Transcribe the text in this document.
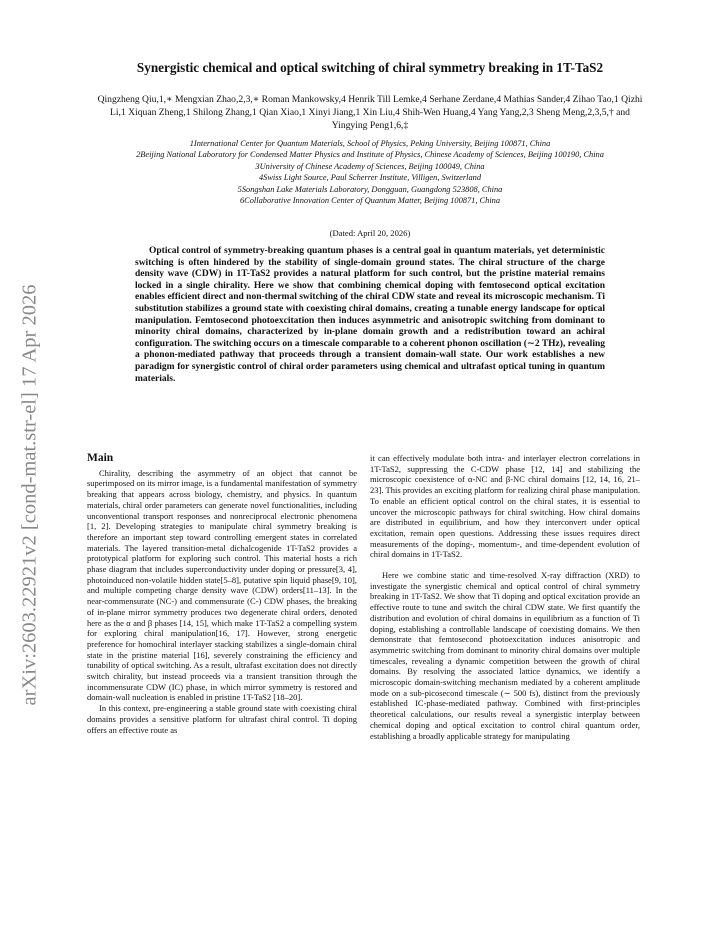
arXiv:2603.22921v2 [cond-mat.str-el] 17 Apr 2026
Synergistic chemical and optical switching of chiral symmetry breaking in 1T-TaS2
Qingzheng Qiu,1,∗ Mengxian Zhao,2,3,∗ Roman Mankowsky,4 Henrik Till Lemke,4 Serhane Zerdane,4 Mathias Sander,4 Zihao Tao,1 Qizhi Li,1 Xiquan Zheng,1 Shilong Zhang,1 Qian Xiao,1 Xinyi Jiang,1 Xin Liu,4 Shih-Wen Huang,4 Yang Yang,2,3 Sheng Meng,2,3,5,† and Yingying Peng1,6,‡
1International Center for Quantum Materials, School of Physics, Peking University, Beijing 100871, China
2Beijing National Laboratory for Condensed Matter Physics and Institute of Physics, Chinese Academy of Sciences, Beijing 100190, China
3University of Chinese Academy of Sciences, Beijing 100049, China
4Swiss Light Source, Paul Scherrer Institute, Villigen, Switzerland
5Songshan Lake Materials Laboratory, Dongguan, Guangdong 523808, China
6Collaborative Innovation Center of Quantum Matter, Beijing 100871, China
(Dated: April 20, 2026)
Optical control of symmetry-breaking quantum phases is a central goal in quantum materials, yet deterministic switching is often hindered by the stability of single-domain ground states. The chiral structure of the charge density wave (CDW) in 1T-TaS2 provides a natural platform for such control, but the pristine material remains locked in a single chirality. Here we show that combining chemical doping with femtosecond optical excitation enables efficient direct and non-thermal switching of the chiral CDW state and reveal its microscopic mechanism. Ti substitution stabilizes a ground state with coexisting chiral domains, creating a tunable energy landscape for optical manipulation. Femtosecond photoexcitation then induces asymmetric and anisotropic switching from dominant to minority chiral domains, characterized by in-plane domain growth and a redistribution toward an achiral configuration. The switching occurs on a timescale comparable to a coherent phonon oscillation (∼2 THz), revealing a phonon-mediated pathway that proceeds through a transient domain-wall state. Our work establishes a new paradigm for synergistic control of chiral order parameters using chemical and ultrafast optical tuning in quantum materials.
Main

Chirality, describing the asymmetry of an object that cannot be superimposed on its mirror image, is a fundamental manifestation of symmetry breaking that appears across biology, chemistry, and physics. In quantum materials, chiral order parameters can generate novel functionalities, including unconventional transport responses and nonreciprocal electronic phenomena [1, 2]. Developing strategies to manipulate chiral symmetry breaking is therefore an important step toward controlling emergent states in correlated materials. The layered transition-metal dichalcogenide 1T-TaS2 provides a prototypical platform for exploring such control. This material hosts a rich phase diagram that includes superconductivity under doping or pressure[3, 4], photoinduced non-volatile hidden state[5–8], putative spin liquid phase[9, 10], and multiple competing charge density wave (CDW) orders[11–13]. In the near-commensurate (NC-) and commensurate (C-) CDW phases, the breaking of in-plane mirror symmetry produces two degenerate chiral orders, denoted here as the α and β phases [14, 15], which make 1T-TaS2 a compelling system for exploring chiral manipulation[16, 17]. However, strong energetic preference for homochiral interlayer stacking stabilizes a single-domain chiral state in the pristine material [16], severely constraining the efficiency and tunability of optical switching. As a result, ultrafast excitation does not directly switch chirality, but instead proceeds via a transient transition through the incommensurate CDW (IC) phase, in which mirror symmetry is restored and domain-wall nucleation is enabled in pristine 1T-TaS2 [18–20].

In this context, pre-engineering a stable ground state with coexisting chiral domains provides a sensitive platform for ultrafast chiral control. Ti doping offers an effective route as

it can effectively modulate both intra- and interlayer electron correlations in 1T-TaS2, suppressing the C-CDW phase [12, 14] and stabilizing the microscopic coexistence of α-NC and β-NC chiral domains [12, 14, 16, 21–23]. This provides an exciting platform for realizing chiral phase manipulation. To enable an efficient optical control on the chiral states, it is essential to uncover the microscopic pathways for chiral switching. How chiral domains are distributed in equilibrium, and how they interconvert under optical excitation, remain open questions. Addressing these issues requires direct measurements of the doping-, momentum-, and time-dependent evolution of chiral domains in 1T-TaS2.

Here we combine static and time-resolved X-ray diffraction (XRD) to investigate the synergistic chemical and optical control of chiral symmetry breaking in 1T-TaS2. We show that Ti doping and optical excitation provide an effective route to tune and switch the chiral CDW state. We first quantify the distribution and evolution of chiral domains in equilibrium as a function of Ti doping, establishing a controllable landscape of coexisting domains. We then demonstrate that femtosecond photoexcitation induces anisotropic and asymmetric switching from dominant to minority chiral domains over multiple timescales, revealing a dynamic competition between the growth of chiral domains. By resolving the associated lattice dynamics, we identify a microscopic domain-switching mechanism mediated by a coherent amplitude mode on a sub-picosecond timescale (∼ 500 fs), distinct from the previously established IC-phase-mediated pathway. Combined with first-principles theoretical calculations, our results reveal a synergistic interplay between chemical doping and optical excitation to control chiral quantum order, establishing a broadly applicable strategy for manipulating
